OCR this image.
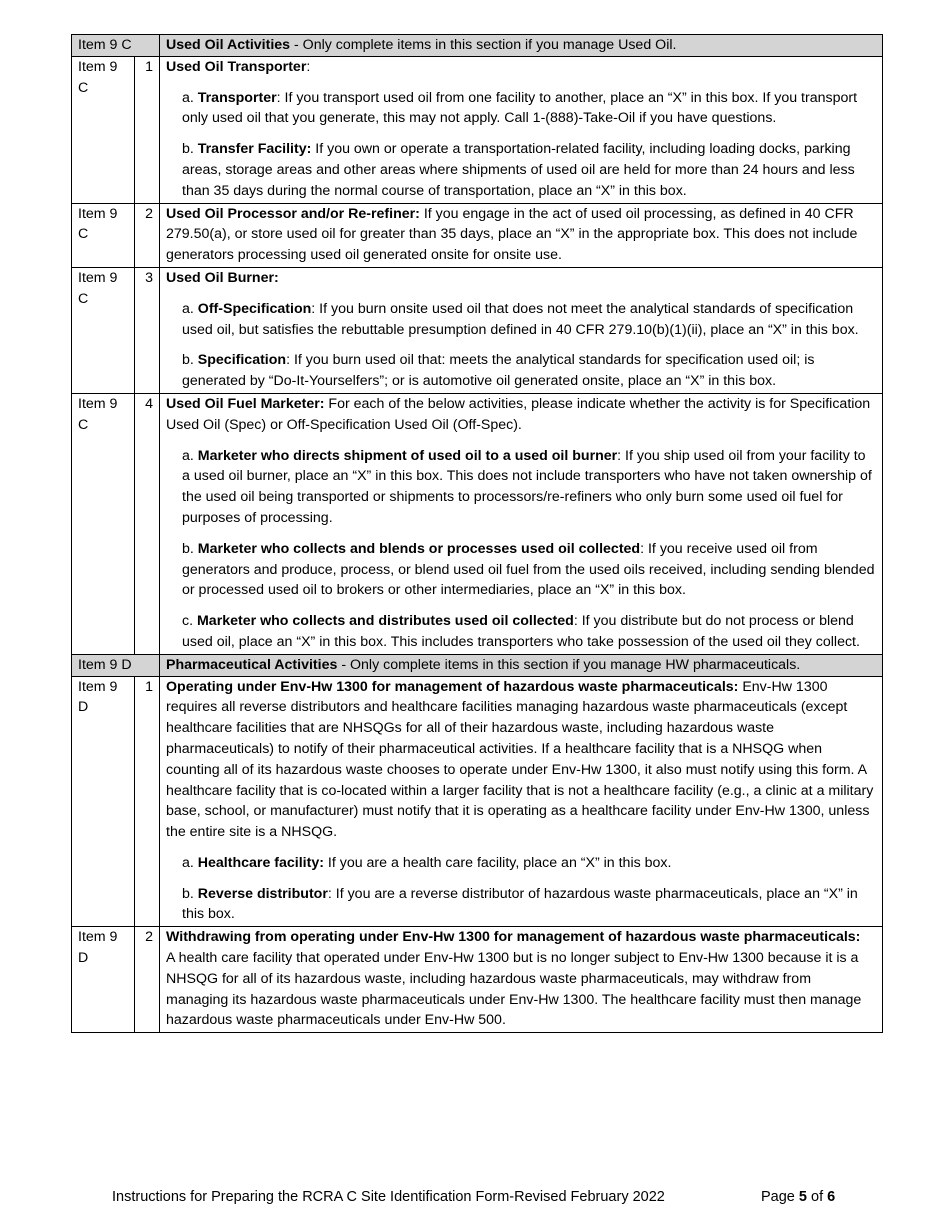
Item 9 C		Used Oil Activities - Only complete items in this section if you manage Used Oil.
Item 9 C	1	Used Oil Transporter:
a. Transporter: If you transport used oil from one facility to another, place an “X” in this box. If you transport only used oil that you generate, this may not apply. Call 1-(888)-Take-Oil if you have questions.
b. Transfer Facility: If you own or operate a transportation-related facility, including loading docks, parking areas, storage areas and other areas where shipments of used oil are held for more than 24 hours and less than 35 days during the normal course of transportation, place an “X” in this box.

Item 9 C	2	Used Oil Processor and/or Re-refiner: If you engage in the act of used oil processing, as defined in 40 CFR 279.50(a), or store used oil for greater than 35 days, place an “X” in the appropriate box. This does not include generators processing used oil generated onsite for onsite use.
Item 9 C	3	Used Oil Burner:
a. Off-Specification: If you burn onsite used oil that does not meet the analytical standards of specification used oil, but satisfies the rebuttable presumption defined in 40 CFR 279.10(b)(1)(ii), place an “X” in this box.
b. Specification: If you burn used oil that: meets the analytical standards for specification used oil; is generated by “Do-It-Yourselfers”; or is automotive oil generated onsite, place an “X” in this box.

Item 9 C	4	Used Oil Fuel Marketer: For each of the below activities, please indicate whether the activity is for Specification Used Oil (Spec) or Off-Specification Used Oil (Off-Spec).
a. Marketer who directs shipment of used oil to a used oil burner: If you ship used oil from your facility to a used oil burner, place an “X” in this box. This does not include transporters who have not taken ownership of the used oil being transported or shipments to processors/re-refiners who only burn some used oil fuel for purposes of processing.
b. Marketer who collects and blends or processes used oil collected: If you receive used oil from generators and produce, process, or blend used oil fuel from the used oils received, including sending blended or processed used oil to brokers or other intermediaries, place an “X” in this box.
c. Marketer who collects and distributes used oil collected: If you distribute but do not process or blend used oil, place an “X” in this box. This includes transporters who take possession of the used oil they collect.

Item 9 D		Pharmaceutical Activities - Only complete items in this section if you manage HW pharmaceuticals.
Item 9 D	1	Operating under Env-Hw 1300 for management of hazardous waste pharmaceuticals: Env-Hw 1300 requires all reverse distributors and healthcare facilities managing hazardous waste pharmaceuticals (except healthcare facilities that are NHSQGs for all of their hazardous waste, including hazardous waste pharmaceuticals) to notify of their pharmaceutical activities. If a healthcare facility that is a NHSQG when counting all of its hazardous waste chooses to operate under Env-Hw 1300, it also must notify using this form. A healthcare facility that is co-located within a larger facility that is not a healthcare facility (e.g., a clinic at a military base, school, or manufacturer) must notify that it is operating as a healthcare facility under Env-Hw 1300, unless the entire site is a NHSQG.
a. Healthcare facility: If you are a health care facility, place an “X” in this box.
b. Reverse distributor: If you are a reverse distributor of hazardous waste pharmaceuticals, place an “X” in this box.

Item 9 D	2	Withdrawing from operating under Env-Hw 1300 for management of hazardous waste pharmaceuticals:
A health care facility that operated under Env-Hw 1300 but is no longer subject to Env-Hw 1300 because it is a NHSQG for all of its hazardous waste, including hazardous waste pharmaceuticals, may withdraw from managing its hazardous waste pharmaceuticals under Env-Hw 1300. The healthcare facility must then manage hazardous waste pharmaceuticals under Env-Hw 500.
Instructions for Preparing the RCRA C Site Identification Form-Revised February 2022	Page 5 of 6
